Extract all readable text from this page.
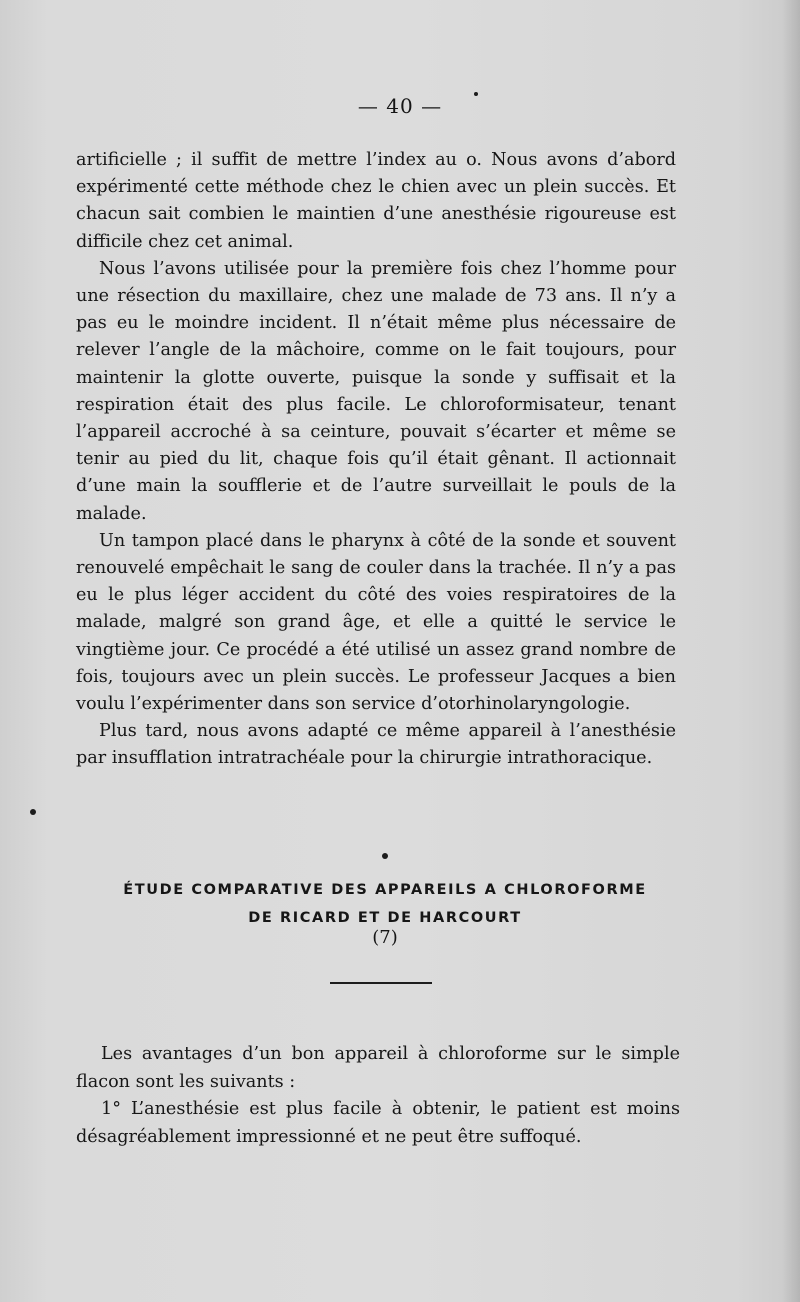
— 40 —

artificielle ; il suffit de mettre l’index au o. Nous avons d’abord expérimenté cette méthode chez le chien avec un plein succès. Et chacun sait combien le maintien d’une anesthésie rigoureuse est difficile chez cet animal.

Nous l’avons utilisée pour la première fois chez l’homme pour une résection du maxillaire, chez une malade de 73 ans. Il n’y a pas eu le moindre incident. Il n’était même plus nécessaire de relever l’angle de la mâchoire, comme on le fait toujours, pour maintenir la glotte ouverte, puisque la sonde y suffisait et la respiration était des plus facile. Le chloroformisateur, tenant l’appareil accroché à sa ceinture, pouvait s’écarter et même se tenir au pied du lit, chaque fois qu’il était gênant. Il actionnait d’une main la soufflerie et de l’autre surveillait le pouls de la malade.

Un tampon placé dans le pharynx à côté de la sonde et souvent renouvelé empêchait le sang de couler dans la trachée. Il n’y a pas eu le plus léger accident du côté des voies respiratoires de la malade, malgré son grand âge, et elle a quitté le service le vingtième jour. Ce procédé a été utilisé un assez grand nombre de fois, toujours avec un plein succès. Le professeur Jacques a bien voulu l’expérimenter dans son service d’otorhinolaryngologie.

Plus tard, nous avons adapté ce même appareil à l’anesthésie par insufflation intratrachéale pour la chirurgie intrathoracique.

ÉTUDE COMPARATIVE DES APPAREILS A CHLOROFORME
DE RICARD ET DE HARCOURT
(7)

Les avantages d’un bon appareil à chloroforme sur le simple flacon sont les suivants :

1° L’anesthésie est plus facile à obtenir, le patient est moins désagréablement impressionné et ne peut être suffoqué.
